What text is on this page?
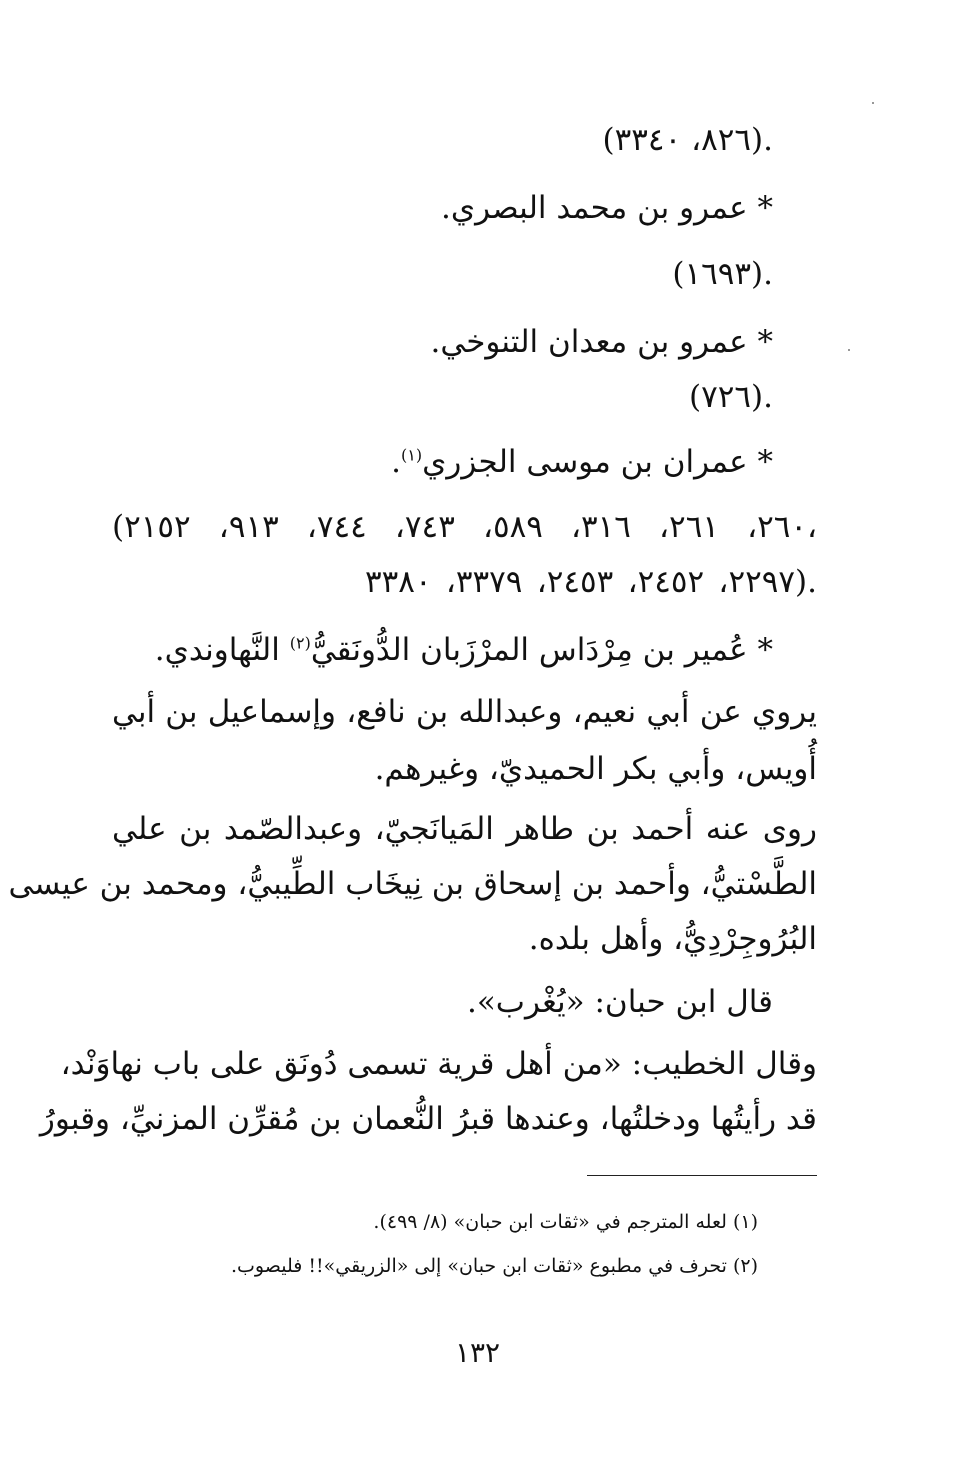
(٨٢٦، ٣٣٤٠).
* عمرو بن محمد البصري.
(١٦٩٣).
* عمرو بن معدان التنوخي.
(٧٢٦).
* عمران بن موسى الجزري$^{(١)}$.
(٢٦٠، ٢٦١، ٣١٦، ٥٨٩، ٧٤٣، ٧٤٤، ٩١٣، ٢١٥٢،
٢٢٩٧، ٢٤٥٢، ٢٤٥٣، ٣٣٧٩، ٣٣٨٠).
* عُمير بن مِرْدَاس المرْزَبان الدُّونَقيُّ$^{(٢)}$ النَّهاوندي.
يروي عن أبي نعيم، وعبدالله بن نافع، وإسماعيل بن أبي
أُويس، وأبي بكر الحميديّ، وغيرهم.
روى عنه أحمد بن طاهر المَيانَجيّ، وعبدالصّمد بن علي
الطَّسْتيُّ، وأحمد بن إسحاق بن نِيخَاب الطِّيبيُّ، ومحمد بن عيسى
البُرُوجِرْدِيُّ، وأهل بلده.
قال ابن حبان: «يُغْرب».
وقال الخطيب: «من أهل قرية تسمى دُونَق على باب نهاوَنْد،
قد رأيتُها ودخلتُها، وعندها قبرُ النُّعمان بن مُقرِّن المزنيِّ، وقبورُ
(١) لعله المترجم في «ثقات ابن حبان» (٨/ ٤٩٩).
(٢) تحرف في مطبوع «ثقات ابن حبان» إلى «الزريقي»!! فليصوب.
١٣٢
